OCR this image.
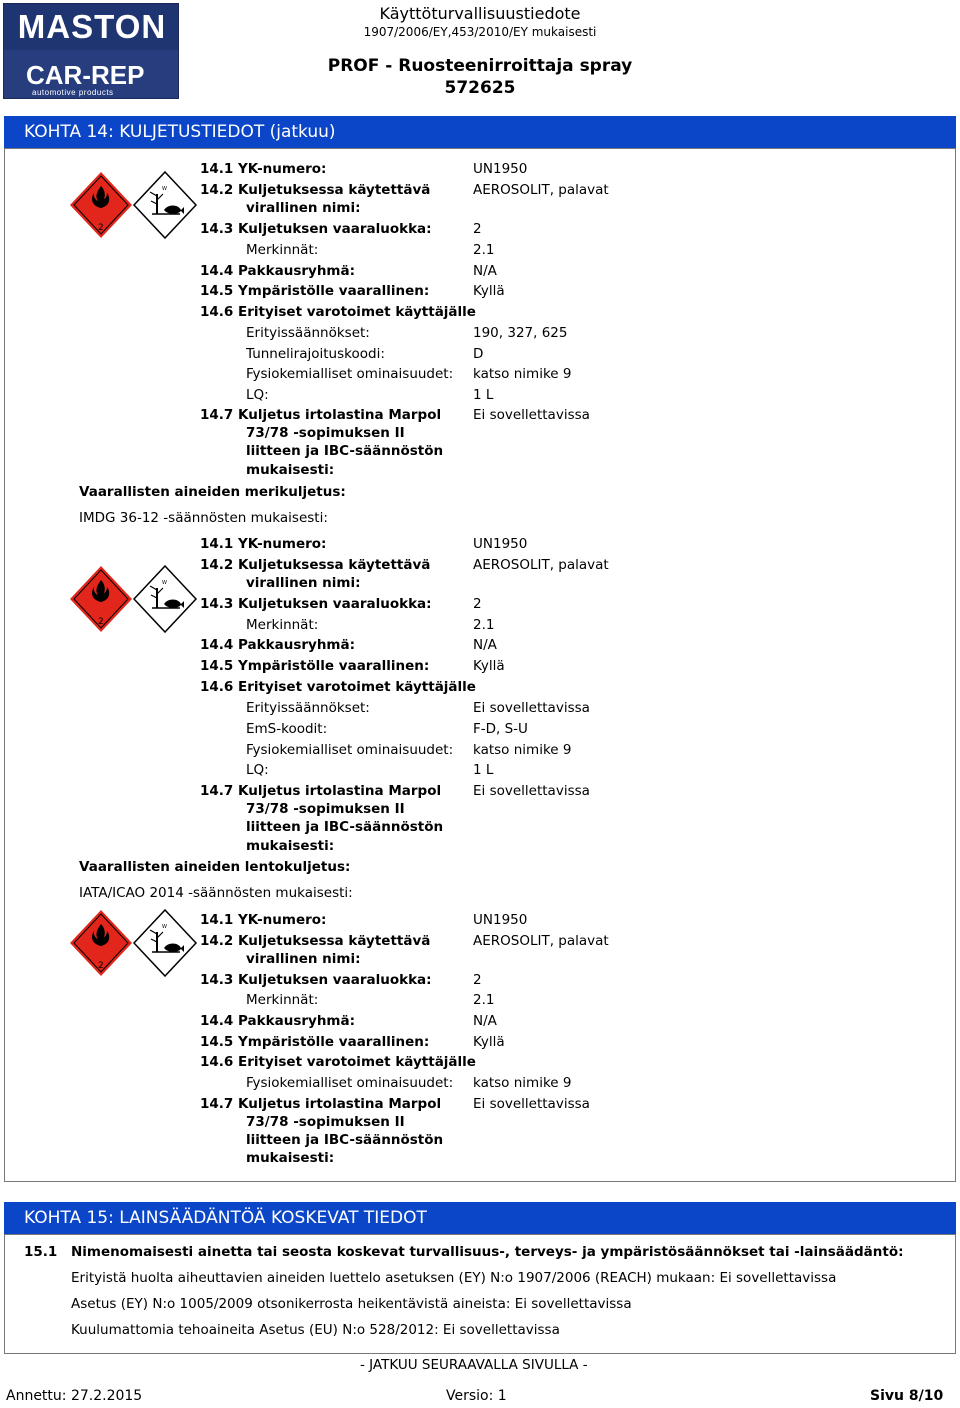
MASTON
CAR-REP
automotive products
Käyttöturvallisuustiedote
1907/2006/EY,453/2010/EY mukaisesti
PROF - Ruosteenirroittaja spray
572625
KOHTA 14: KULJETUSTIEDOT (jatkuu)
2
W
2
W
2
W
14.1 YK-numero:	UN1950
14.2 Kuljetuksessa käytettävä	AEROSOLIT, palavat
virallinen nimi:
14.3 Kuljetuksen vaaraluokka:	2
Merkinnät:	2.1
14.4 Pakkausryhmä:	N/A
14.5 Ympäristölle vaarallinen:	Kyllä
14.6 Erityiset varotoimet käyttäjälle
Erityissäännökset:	190, 327, 625
Tunnelirajoituskoodi:	D
Fysiokemialliset ominaisuudet: katso nimike 9
LQ:	1 L
14.7 Kuljetus irtolastina Marpol Ei sovellettavissa
73/78 -sopimuksen II
liitteen ja IBC-säännöstön
mukaisesti:
Vaarallisten aineiden merikuljetus:
IMDG 36-12 -säännösten mukaisesti:
14.1 YK-numero:	UN1950
14.2 Kuljetuksessa käytettävä	AEROSOLIT, palavat
virallinen nimi:
14.3 Kuljetuksen vaaraluokka:	2
Merkinnät:	2.1
14.4 Pakkausryhmä:	N/A
14.5 Ympäristölle vaarallinen:	Kyllä
14.6 Erityiset varotoimet käyttäjälle
Erityissäännökset:	Ei sovellettavissa
EmS-koodit:	F-D, S-U
Fysiokemialliset ominaisuudet: katso nimike 9
LQ:	1 L
14.7 Kuljetus irtolastina Marpol Ei sovellettavissa
73/78 -sopimuksen II
liitteen ja IBC-säännöstön
mukaisesti:
Vaarallisten aineiden lentokuljetus:
IATA/ICAO 2014 -säännösten mukaisesti:
14.1 YK-numero:	UN1950
14.2 Kuljetuksessa käytettävä	AEROSOLIT, palavat
virallinen nimi:
14.3 Kuljetuksen vaaraluokka:	2
Merkinnät:	2.1
14.4 Pakkausryhmä:	N/A
14.5 Ympäristölle vaarallinen:	Kyllä
14.6 Erityiset varotoimet käyttäjälle
Fysiokemialliset ominaisuudet: katso nimike 9
14.7 Kuljetus irtolastina Marpol Ei sovellettavissa
73/78 -sopimuksen II
liitteen ja IBC-säännöstön
mukaisesti:
KOHTA 15: LAINSÄÄDÄNTÖÄ KOSKEVAT TIEDOT
15.1 Nimenomaisesti ainetta tai seosta koskevat turvallisuus-, terveys- ja ympäristösäännökset tai -lainsäädäntö:
Erityistä huolta aiheuttavien aineiden luettelo asetuksen (EY) N:o 1907/2006 (REACH) mukaan: Ei sovellettavissa
Asetus (EY) N:o 1005/2009 otsonikerrosta heikentävistä aineista: Ei sovellettavissa
Kuulumattomia tehoaineita Asetus (EU) N:o 528/2012: Ei sovellettavissa
- JATKUU SEURAAVALLA SIVULLA -
Annettu: 27.2.2015	Versio: 1	Sivu 8/10
